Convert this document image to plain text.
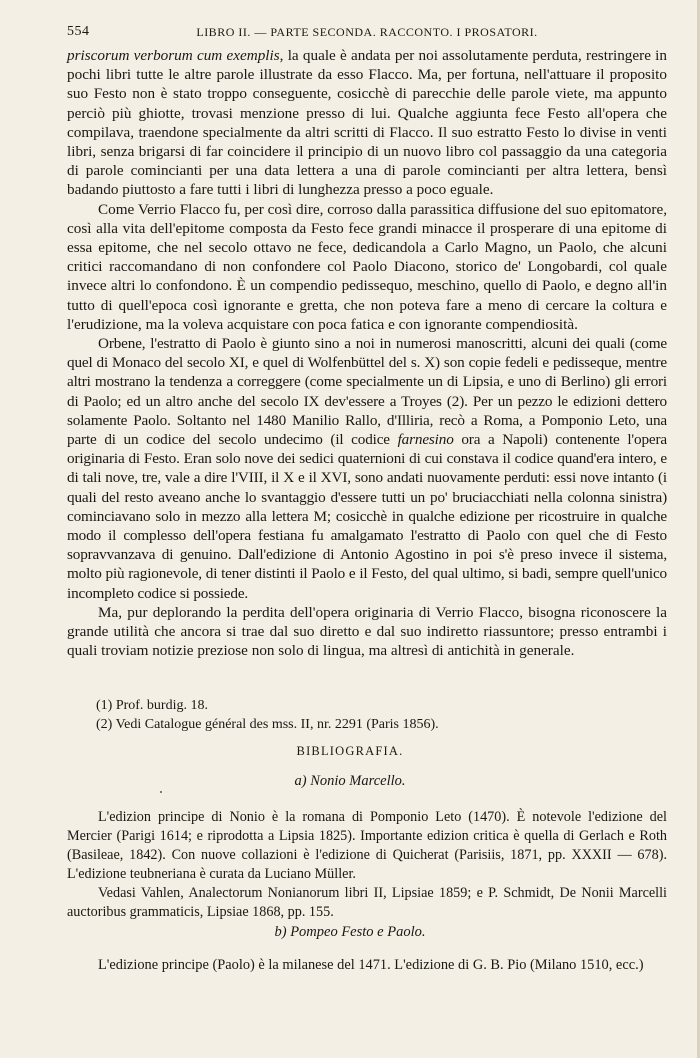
554	LIBRO II. — PARTE SECONDA. RACCONTO. I PROSATORI.

priscorum verborum cum exemplis, la quale è andata per noi assolutamente perduta, restringere in pochi libri tutte le altre parole illustrate da esso Flacco. Ma, per fortuna, nell'attuare il proposito suo Festo non è stato troppo conseguente, cosicchè di parecchie delle parole viete, ma appunto perciò più ghiotte, trovasi menzione presso di lui. Qualche aggiunta fece Festo all'opera che compilava, traendone specialmente da altri scritti di Flacco. Il suo estratto Festo lo divise in venti libri, senza brigarsi di far coincidere il principio di un nuovo libro col passaggio da una categoria di parole comincianti per una data lettera a una di parole comincianti per altra lettera, bensì badando piuttosto a fare tutti i libri di lunghezza presso a poco eguale.

Come Verrio Flacco fu, per così dire, corroso dalla parassitica diffusione del suo epitomatore, così alla vita dell'epitome composta da Festo fece grandi minacce il prosperare di una epitome di essa epitome, che nel secolo ottavo ne fece, dedicandola a Carlo Magno, un Paolo, che alcuni critici raccomandano di non confondere col Paolo Diacono, storico de' Longobardi, col quale invece altri lo confondono. È un compendio pedissequo, meschino, quello di Paolo, e degno all'in tutto di quell'epoca così ignorante e gretta, che non poteva fare a meno di cercare la coltura e l'erudizione, ma la voleva acquistare con poca fatica e con ignorante compendiosità.

Orbene, l'estratto di Paolo è giunto sino a noi in numerosi manoscritti, alcuni dei quali (come quel di Monaco del secolo XI, e quel di Wolfenbüttel del s. X) son copie fedeli e pedisseque, mentre altri mostrano la tendenza a correggere (come specialmente un di Lipsia, e uno di Berlino) gli errori di Paolo; ed un altro anche del secolo IX dev'essere a Troyes (2). Per un pezzo le edizioni dettero solamente Paolo. Soltanto nel 1480 Manilio Rallo, d'Illiria, recò a Roma, a Pomponio Leto, una parte di un codice del secolo undecimo (il codice farnesino ora a Napoli) contenente l'opera originaria di Festo. Eran solo nove dei sedici quaternioni di cui constava il codice quand'era intero, e di tali nove, tre, vale a dire l'VIII, il X e il XVI, sono andati nuovamente perduti: essi nove intanto (i quali del resto aveano anche lo svantaggio d'essere tutti un po' bruciacchiati nella colonna sinistra) cominciavano solo in mezzo alla lettera M; cosicchè in qualche edizione per ricostruire in qualche modo il complesso dell'opera festiana fu amalgamato l'estratto di Paolo con quel che di Festo sopravvanzava di genuino. Dall'edizione di Antonio Agostino in poi s'è preso invece il sistema, molto più ragionevole, di tener distinti il Paolo e il Festo, del qual ultimo, si badi, sempre quell'unico incompleto codice si possiede.

Ma, pur deplorando la perdita dell'opera originaria di Verrio Flacco, bisogna riconoscere la grande utilità che ancora si trae dal suo diretto e dal suo indiretto riassuntore; presso entrambi i quali troviam notizie preziose non solo di lingua, ma altresì di antichità in generale.

(1) Prof. burdig. 18.
(2) Vedi Catalogue général des mss. II, nr. 2291 (Paris 1856).
BIBLIOGRAFIA.
a) Nonio Marcello.

L'edizion principe di Nonio è la romana di Pomponio Leto (1470). È notevole l'edizione del Mercier (Parigi 1614; e riprodotta a Lipsia 1825). Importante edizion critica è quella di Gerlach e Roth (Basileae, 1842). Con nuove collazioni è l'edizione di Quicherat (Parisiis, 1871, pp. XXXII — 678). L'edizione teubneriana è curata da Luciano Müller.

Vedasi Vahlen, Analectorum Nonianorum libri II, Lipsiae 1859; e P. Schmidt, De Nonii Marcelli auctoribus grammaticis, Lipsiae 1868, pp. 155.

b) Pompeo Festo e Paolo.

L'edizione principe (Paolo) è la milanese del 1471. L'edizione di G. B. Pio (Milano 1510, ecc.)
